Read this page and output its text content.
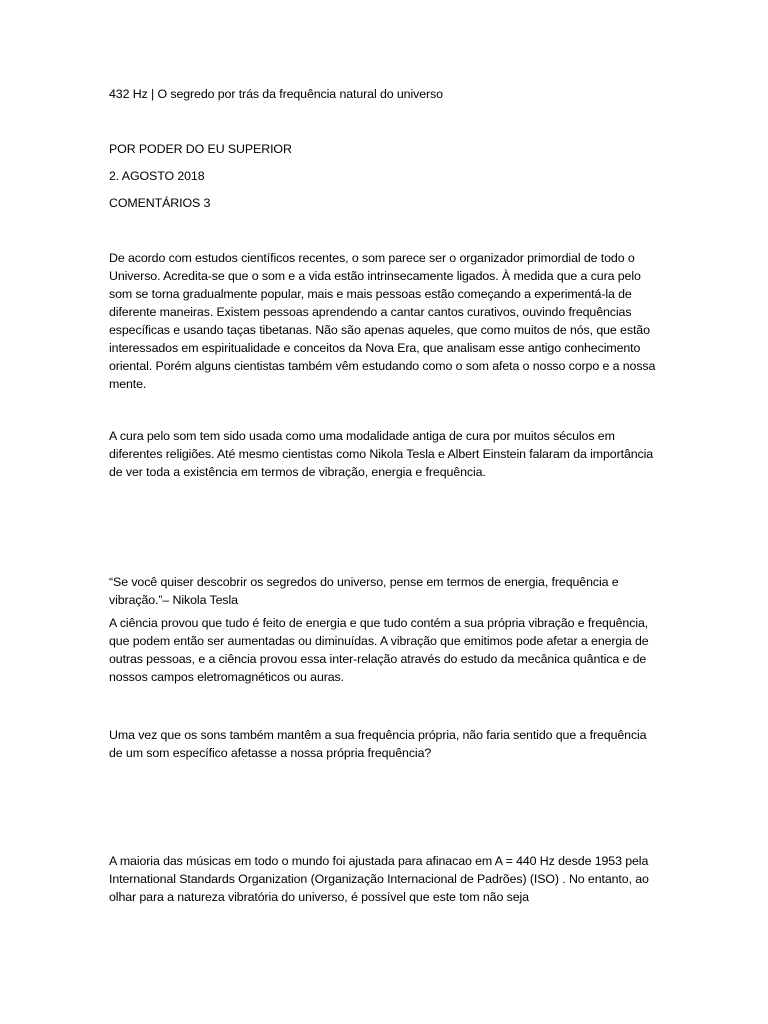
432 Hz | O segredo por trás da frequência natural do universo

POR PODER DO EU SUPERIOR

2. AGOSTO 2018

COMENTÁRIOS 3

De acordo com estudos científicos recentes, o som parece ser o organizador primordial de todo o Universo. Acredita-se que o som e a vida estão intrinsecamente ligados. À medida que a cura pelo som se torna gradualmente popular, mais e mais pessoas estão começando a experimentá-la de diferente maneiras. Existem pessoas aprendendo a cantar cantos curativos, ouvindo frequências específicas e usando taças tibetanas. Não são apenas aqueles, que como muitos de nós, que estão interessados em espiritualidade e conceitos da Nova Era, que analisam esse antigo conhecimento oriental. Porém alguns cientistas também vêm estudando como o som afeta o nosso corpo e a nossa mente.

A cura pelo som tem sido usada como uma modalidade antiga de cura por muitos séculos em diferentes religiões. Até mesmo cientistas como Nikola Tesla e Albert Einstein falaram da importância de ver toda a existência em termos de vibração, energia e frequência.

“Se você quiser descobrir os segredos do universo, pense em termos de energia, frequência e vibração.”– Nikola Tesla

A ciência provou que tudo é feito de energia e que tudo contém a sua própria vibração e frequência, que podem então ser aumentadas ou diminuídas. A vibração que emitimos pode afetar a energia de outras pessoas, e a ciência provou essa inter-relação através do estudo da mecânica quântica e de nossos campos eletromagnéticos ou auras.

Uma vez que os sons também mantêm a sua frequência própria, não faria sentido que a frequência de um som específico afetasse a nossa própria frequência?

A maioria das músicas em todo o mundo foi ajustada para afinacao em A = 440 Hz desde 1953 pela International Standards Organization (Organização Internacional de Padrões) (ISO) . No entanto, ao olhar para a natureza vibratória do universo, é possível que este tom não seja
